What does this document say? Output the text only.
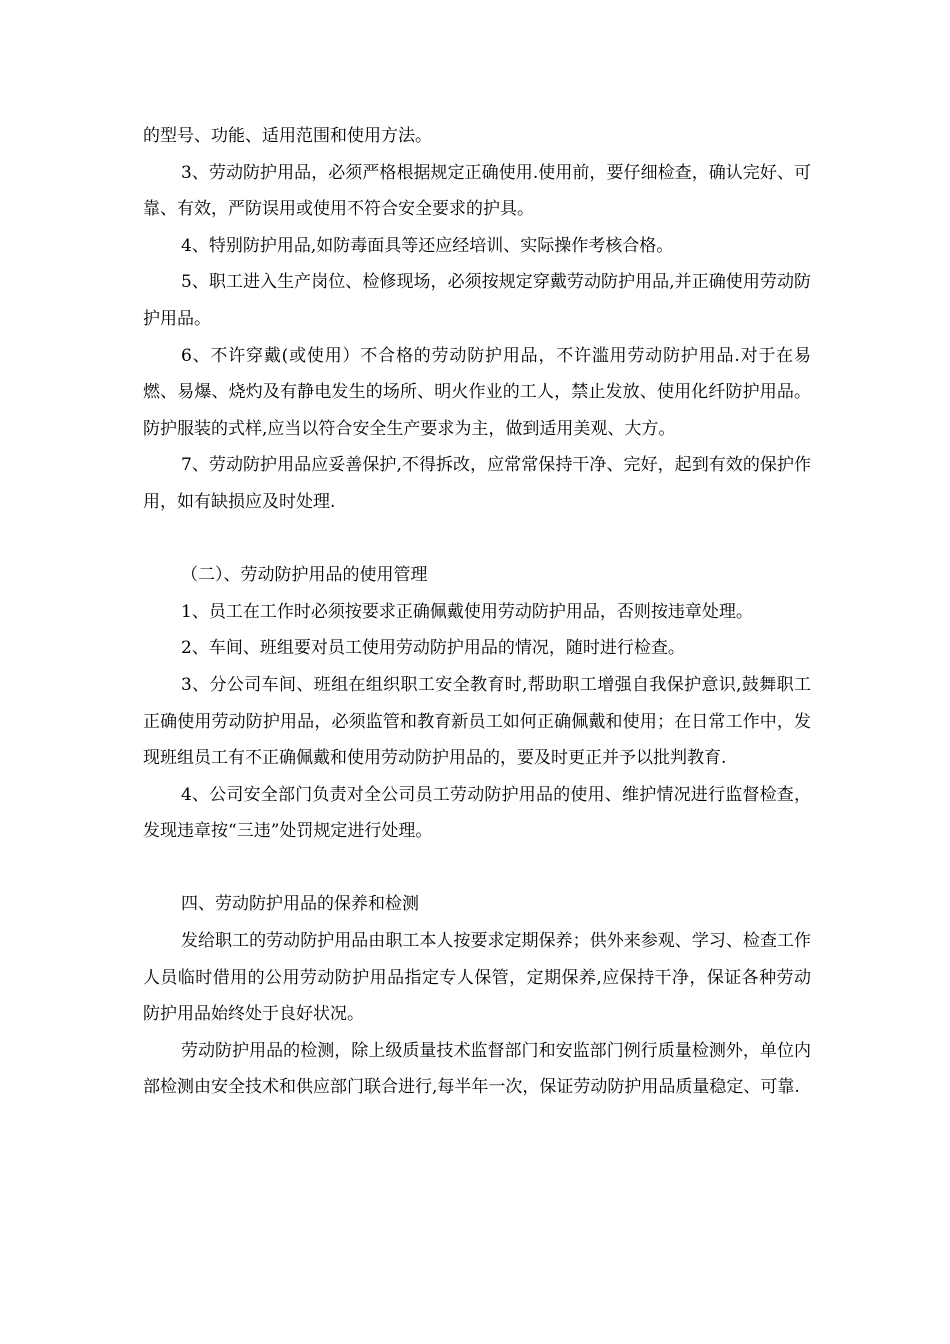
的型号、功能、适用范围和使用方法。

3、劳动防护用品，必须严格根据规定正确使用.使用前，要仔细检查，确认完好、可靠、有效，严防误用或使用不符合安全要求的护具。

4、特别防护用品,如防毒面具等还应经培训、实际操作考核合格。

5、职工进入生产岗位、检修现场，必须按规定穿戴劳动防护用品,并正确使用劳动防护用品。

6、不许穿戴(或使用）不合格的劳动防护用品，不许滥用劳动防护用品.对于在易燃、易爆、烧灼及有静电发生的场所、明火作业的工人，禁止发放、使用化纤防护用品。防护服装的式样,应当以符合安全生产要求为主，做到适用美观、大方。

7、劳动防护用品应妥善保护,不得拆改，应常常保持干净、完好，起到有效的保护作用，如有缺损应及时处理.

（二）、劳动防护用品的使用管理

1、员工在工作时必须按要求正确佩戴使用劳动防护用品，否则按违章处理。

2、车间、班组要对员工使用劳动防护用品的情况，随时进行检查。

3、分公司车间、班组在组织职工安全教育时,帮助职工增强自我保护意识,鼓舞职工正确使用劳动防护用品，必须监管和教育新员工如何正确佩戴和使用；在日常工作中，发现班组员工有不正确佩戴和使用劳动防护用品的，要及时更正并予以批判教育.

4、公司安全部门负责对全公司员工劳动防护用品的使用、维护情况进行监督检查，发现违章按“三违”处罚规定进行处理。

四、劳动防护用品的保养和检测

发给职工的劳动防护用品由职工本人按要求定期保养；供外来参观、学习、检查工作人员临时借用的公用劳动防护用品指定专人保管，定期保养,应保持干净，保证各种劳动防护用品始终处于良好状况。

劳动防护用品的检测，除上级质量技术监督部门和安监部门例行质量检测外，单位内部检测由安全技术和供应部门联合进行,每半年一次，保证劳动防护用品质量稳定、可靠.
